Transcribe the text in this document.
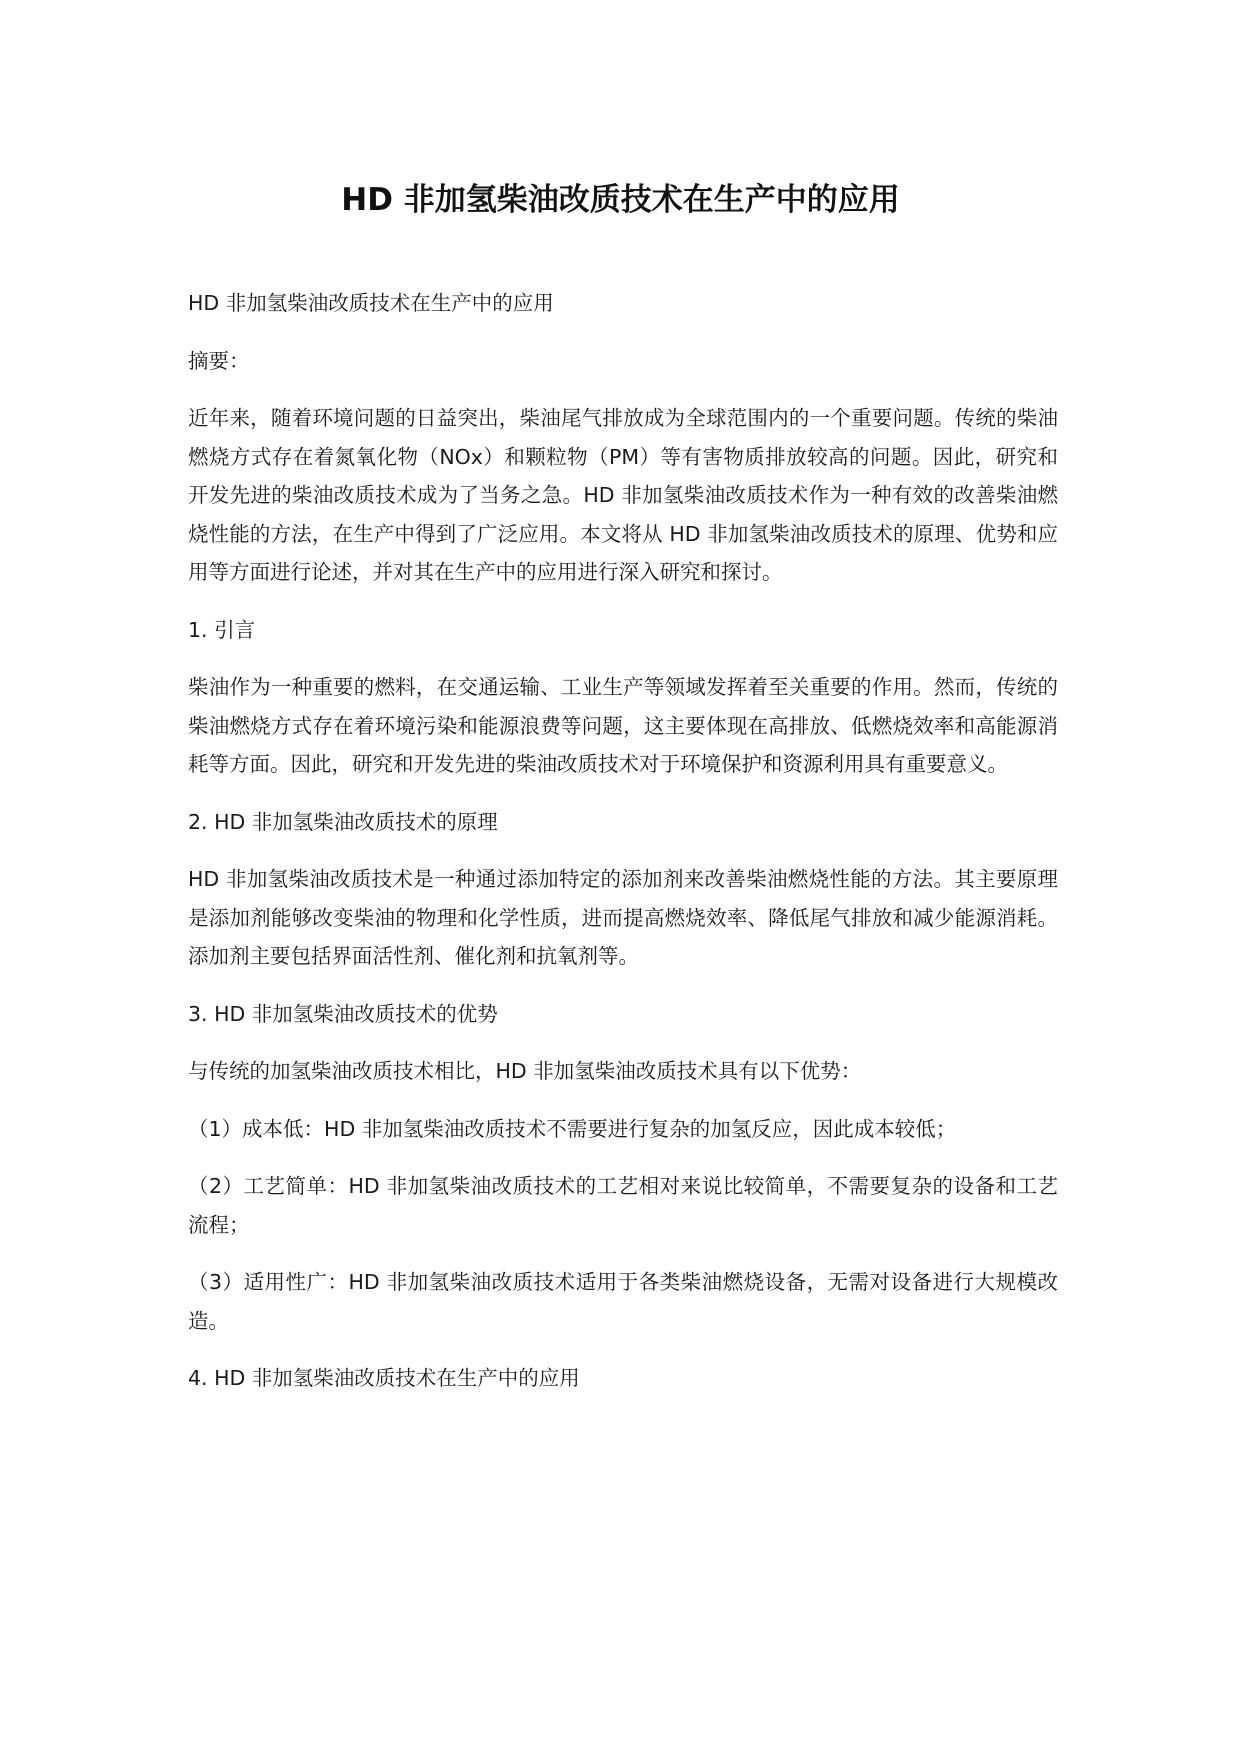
HD 非加氢柴油改质技术在生产中的应用

HD 非加氢柴油改质技术在生产中的应用

摘要：

近年来，随着环境问题的日益突出，柴油尾气排放成为全球范围内的一个重要问题。传统的柴油燃烧方式存在着氮氧化物（NOx）和颗粒物（PM）等有害物质排放较高的问题。因此，研究和开发先进的柴油改质技术成为了当务之急。HD 非加氢柴油改质技术作为一种有效的改善柴油燃烧性能的方法，在生产中得到了广泛应用。本文将从 HD 非加氢柴油改质技术的原理、优势和应用等方面进行论述，并对其在生产中的应用进行深入研究和探讨。

1. 引言

柴油作为一种重要的燃料，在交通运输、工业生产等领域发挥着至关重要的作用。然而，传统的柴油燃烧方式存在着环境污染和能源浪费等问题，这主要体现在高排放、低燃烧效率和高能源消耗等方面。因此，研究和开发先进的柴油改质技术对于环境保护和资源利用具有重要意义。

2. HD 非加氢柴油改质技术的原理

HD 非加氢柴油改质技术是一种通过添加特定的添加剂来改善柴油燃烧性能的方法。其主要原理是添加剂能够改变柴油的物理和化学性质，进而提高燃烧效率、降低尾气排放和减少能源消耗。添加剂主要包括界面活性剂、催化剂和抗氧剂等。

3. HD 非加氢柴油改质技术的优势

与传统的加氢柴油改质技术相比，HD 非加氢柴油改质技术具有以下优势：

（1）成本低：HD 非加氢柴油改质技术不需要进行复杂的加氢反应，因此成本较低；

（2）工艺简单：HD 非加氢柴油改质技术的工艺相对来说比较简单，不需要复杂的设备和工艺流程；

（3）适用性广：HD 非加氢柴油改质技术适用于各类柴油燃烧设备，无需对设备进行大规模改造。

4. HD 非加氢柴油改质技术在生产中的应用
